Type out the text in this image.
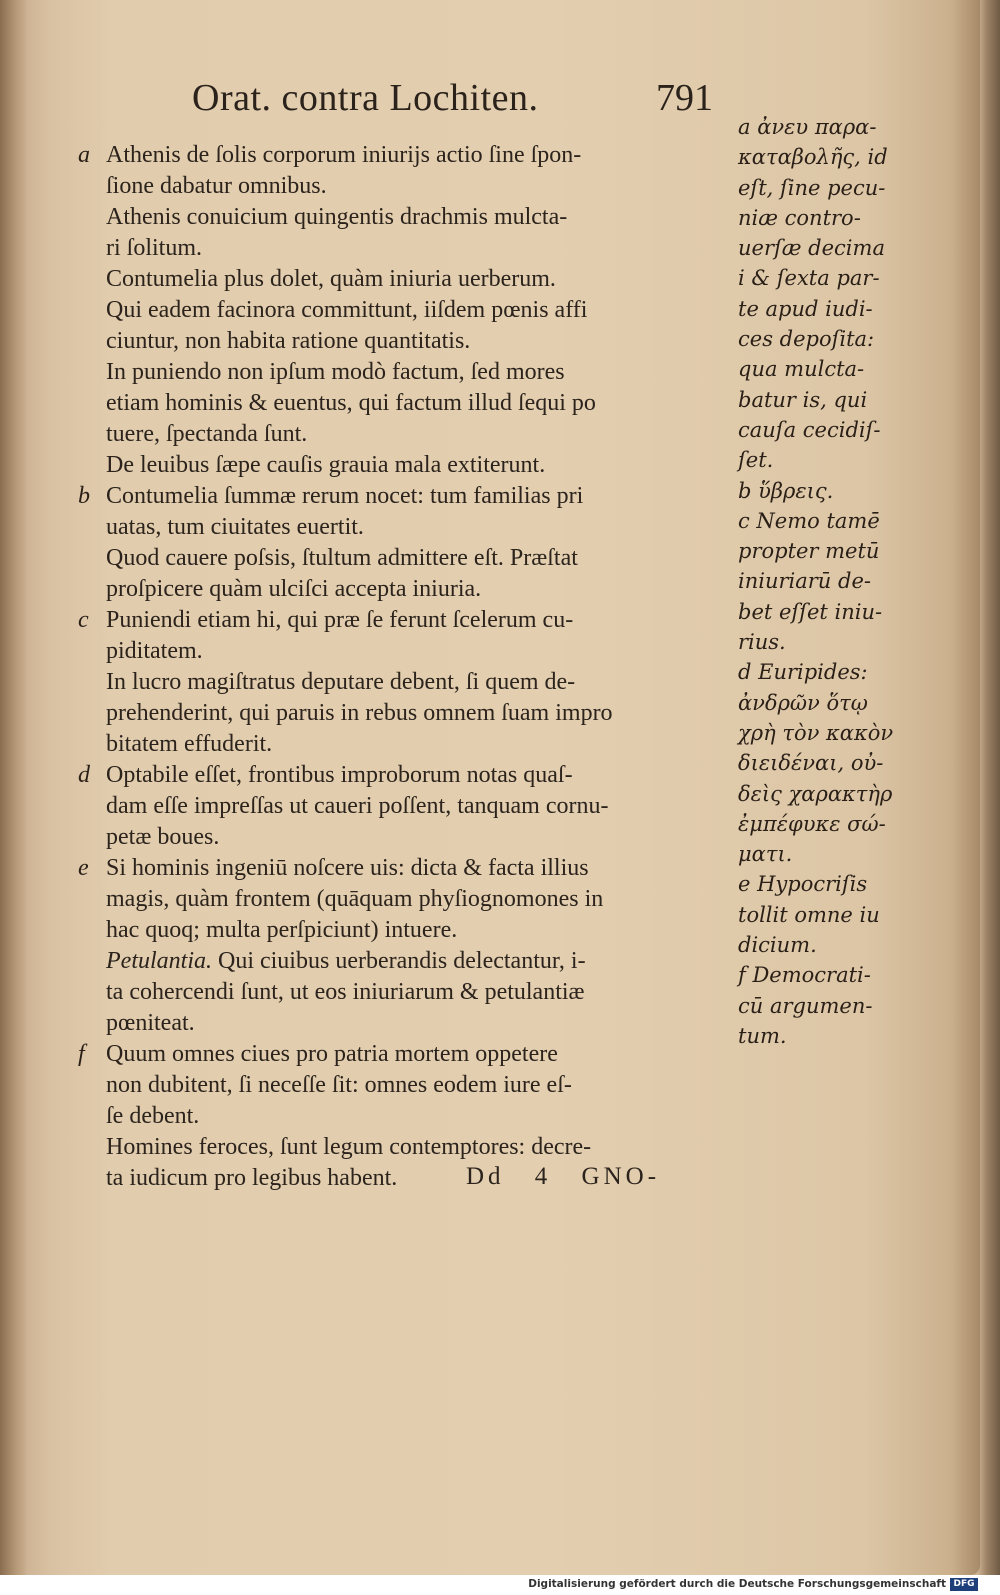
Orat. contra Lochiten.	791
a Athenis de ſolis corporum iniurijs actio ſine ſpon-
ſione dabatur omnibus.
Athenis conuicium quingentis drachmis mulcta-
ri ſolitum.
Contumelia plus dolet, quàm iniuria uerberum.
Qui eadem facinora committunt, iiſdem pœnis affi
ciuntur, non habita ratione quantitatis.
In puniendo non ipſum modò factum, ſed mores
etiam hominis & euentus, qui factum illud ſequi po
tuere, ſpectanda ſunt.
De leuibus ſæpe cauſis grauia mala extiterunt.
b Contumelia ſummæ rerum nocet: tum familias pri
uatas, tum ciuitates euertit.
Quod cauere poſsis, ſtultum admittere eſt. Præſtat
proſpicere quàm ulciſci accepta iniuria.
c Puniendi etiam hi, qui præ ſe ferunt ſcelerum cu-
piditatem.
In lucro magiſtratus deputare debent, ſi quem de-
prehenderint, qui paruis in rebus omnem ſuam impro
bitatem effuderit.
d Optabile eſſet, frontibus improborum notas quaſ-
dam eſſe impreſſas ut caueri poſſent, tanquam cornu-
petæ boues.
e Si hominis ingeniū noſcere uis: dicta & facta illius
magis, quàm frontem (quāquam phyſiognomones in
hac quoq; multa perſpiciunt) intuere.
Petulantia. Qui ciuibus uerberandis delectantur, i-
ta cohercendi ſunt, ut eos iniuriarum & petulantiæ
pœniteat.
f Quum omnes ciues pro patria mortem oppetere
non dubitent, ſi neceſſe ſit: omnes eodem iure eſ-
ſe debent.
Homines feroces, ſunt legum contemptores: decre-
ta iudicum pro legibus habent.	Dd 4 GNO-
a ἀνευ παρα-
καταβολῆς, id
eſt, ſine pecu-
niæ contro-
uerſæ decima
i & ſexta par-
te apud iudi-
ces depoſita:
qua mulcta-
batur is, qui
cauſa cecidiſ-
ſet.
b ὕβρεις.
c Nemo tamē
propter metū
iniuriarū de-
bet eſſet iniu-
rius.
d Euripides:
ἀνδρῶν ὅτῳ
χρὴ τὸν κακὸν
διειδέναι, οὐ-
δεὶς χαρακτὴρ
ἐμπέφυκε σώ-
ματι.
e Hypocriſis
tollit omne iu
dicium.
f Democrati-
cū argumen-
tum.
Digitalisierung gefördert durch die Deutsche Forschungsgemeinschaft DFG
